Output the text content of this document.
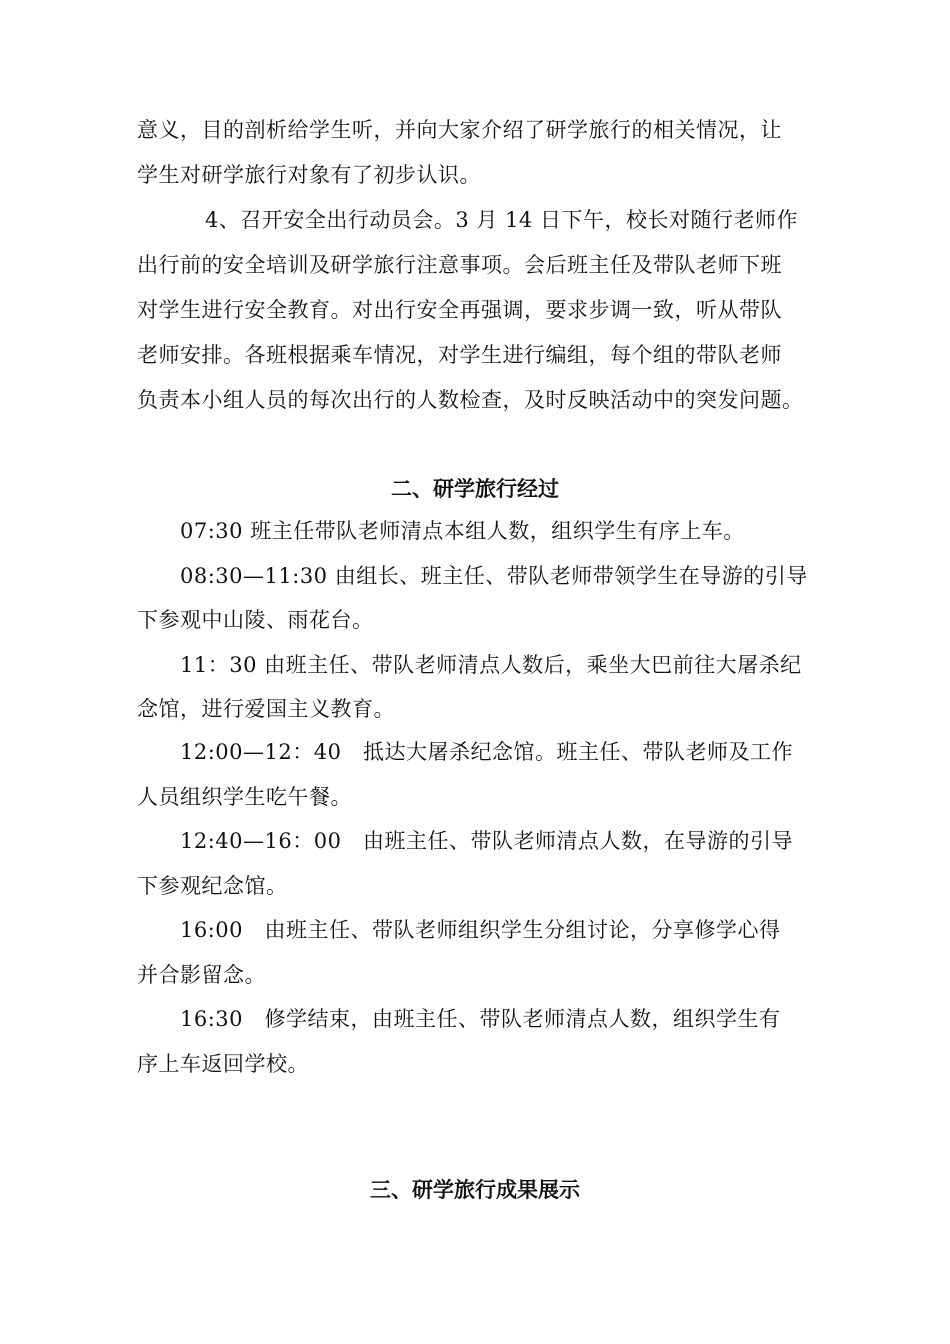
意义，目的剖析给学生听，并向大家介绍了研学旅行的相关情况，让
学生对研学旅行对象有了初步认识。
4、召开安全出行动员会。3 月 14 日下午，校长对随行老师作
出行前的安全培训及研学旅行注意事项。会后班主任及带队老师下班
对学生进行安全教育。对出行安全再强调，要求步调一致，听从带队
老师安排。各班根据乘车情况，对学生进行编组，每个组的带队老师
负责本小组人员的每次出行的人数检查，及时反映活动中的突发问题。
二、研学旅行经过
07:30 班主任带队老师清点本组人数，组织学生有序上车。
08:30—11:30 由组长、班主任、带队老师带领学生在导游的引导
下参观中山陵、雨花台。
11：30 由班主任、带队老师清点人数后，乘坐大巴前往大屠杀纪
念馆，进行爱国主义教育。
12:00—12：40   抵达大屠杀纪念馆。班主任、带队老师及工作
人员组织学生吃午餐。
12:40—16：00   由班主任、带队老师清点人数，在导游的引导
下参观纪念馆。
16:00   由班主任、带队老师组织学生分组讨论，分享修学心得
并合影留念。
16:30   修学结束，由班主任、带队老师清点人数，组织学生有
序上车返回学校。
三、研学旅行成果展示
